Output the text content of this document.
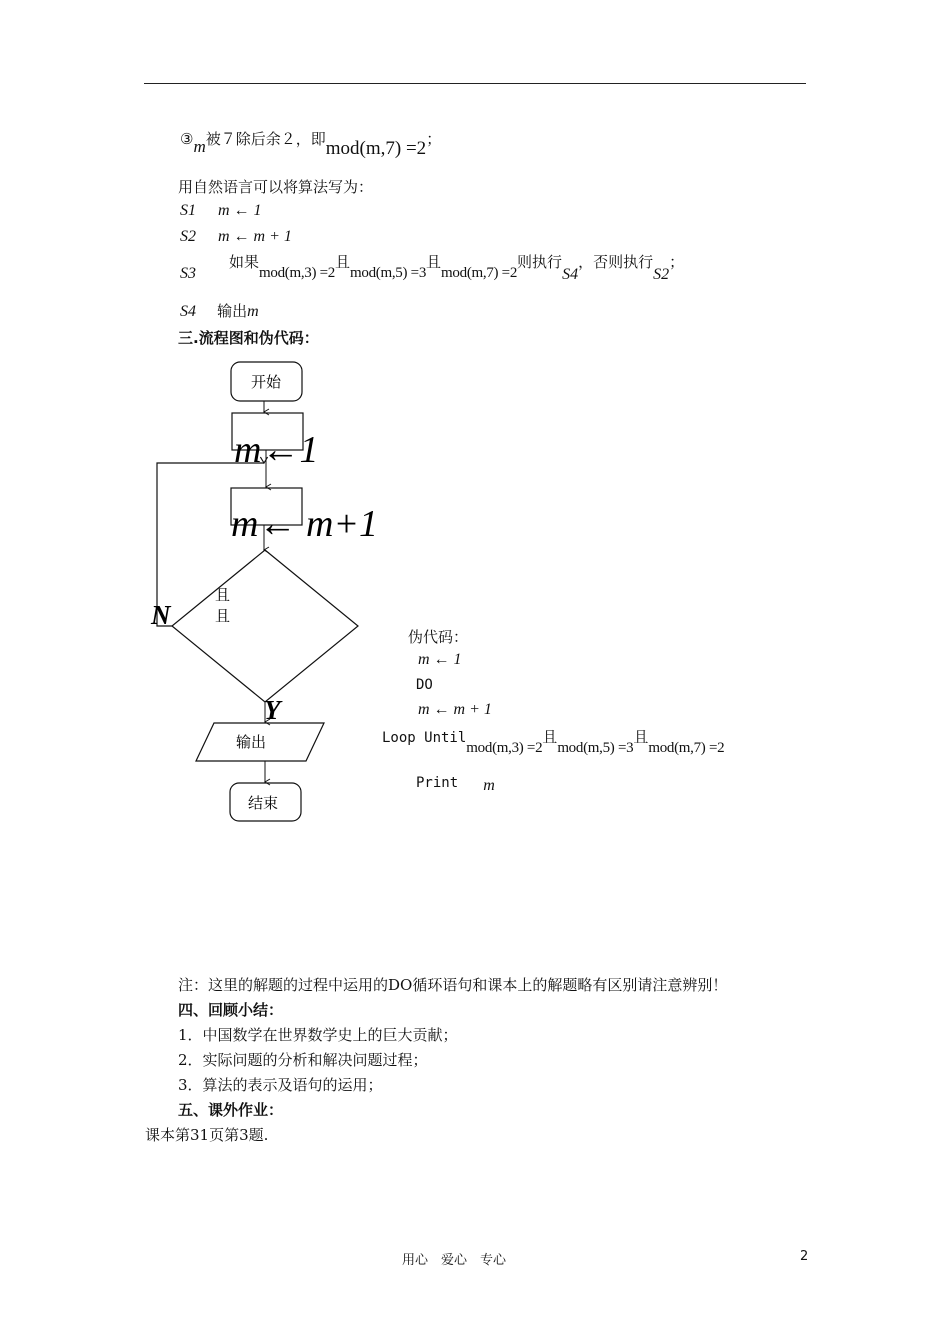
③m被７除后余２，即mod(m,7) =2；
用自然语言可以将算法写为：
S1 m ← 1
S2 m ← m + 1
S3
如果mod(m,3) =2且mod(m,5) =3且mod(m,7) =2则执行S4，否则执行S2；
S4 输出m
三.流程图和伪代码：
开始
m←1
m← m+1
且
且
N
Y
输出
结束
伪代码：
m ← 1
DO
m ← m + 1
Loop Untilmod(m,3) =2且mod(m,5) =3且mod(m,7) =2
Print m
注：这里的解题的过程中运用的DO循环语句和课本上的解题略有区别请注意辨别！
四、回顾小结：
1．中国数学在世界数学史上的巨大贡献；
2．实际问题的分析和解决问题过程；
3．算法的表示及语句的运用；
五、课外作业：
课本第31页第3题.
用心　爱心　专心	2
